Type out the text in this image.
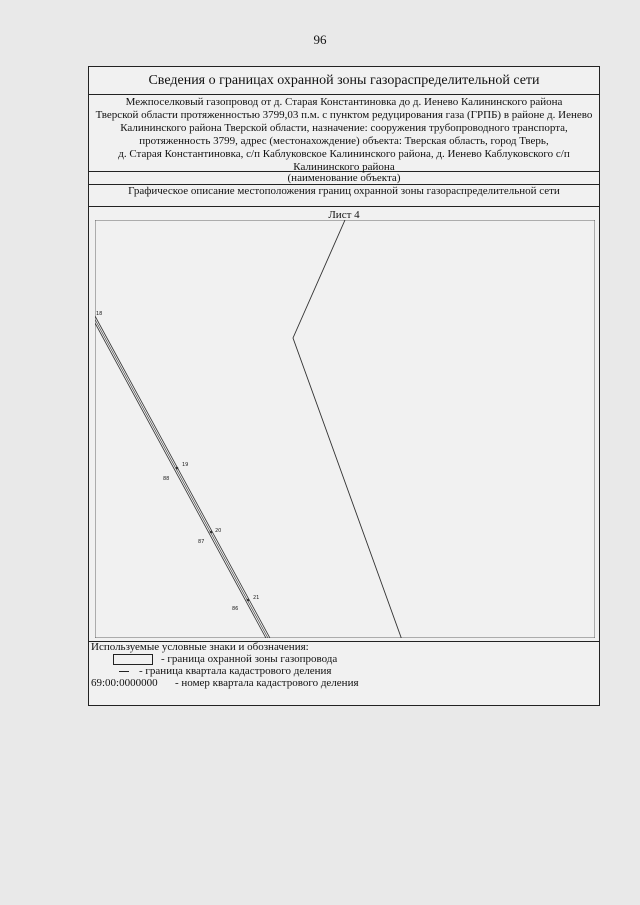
96
Сведения о границах охранной зоны газораспределительной сети

Межпоселковый газопровод от д. Старая Константиновка до д. Иенево Калининского района

Тверской области протяженностью 3799,03 п.м. с пунктом редуцирования газа (ГРПБ) в районе д. Иенево

Калининского района Тверской области, назначение: сооружения трубопроводного транспорта,

протяженность 3799, адрес (местонахождение) объекта: Тверская область, город Тверь,

д. Старая Константиновка, с/п Каблуковское Калининского района, д. Иенево Каблуковского с/п

Калининского района

(наименование объекта)
Графическое описание местоположения границ охранной зоны газораспределительной сети
Лист 4
18
19
88
20
87
21
86
Используемые условные знаки и обозначения:
- граница охранной зоны газопровода
- граница квартала кадастрового деления
69:00:0000000 - номер квартала кадастрового деления
